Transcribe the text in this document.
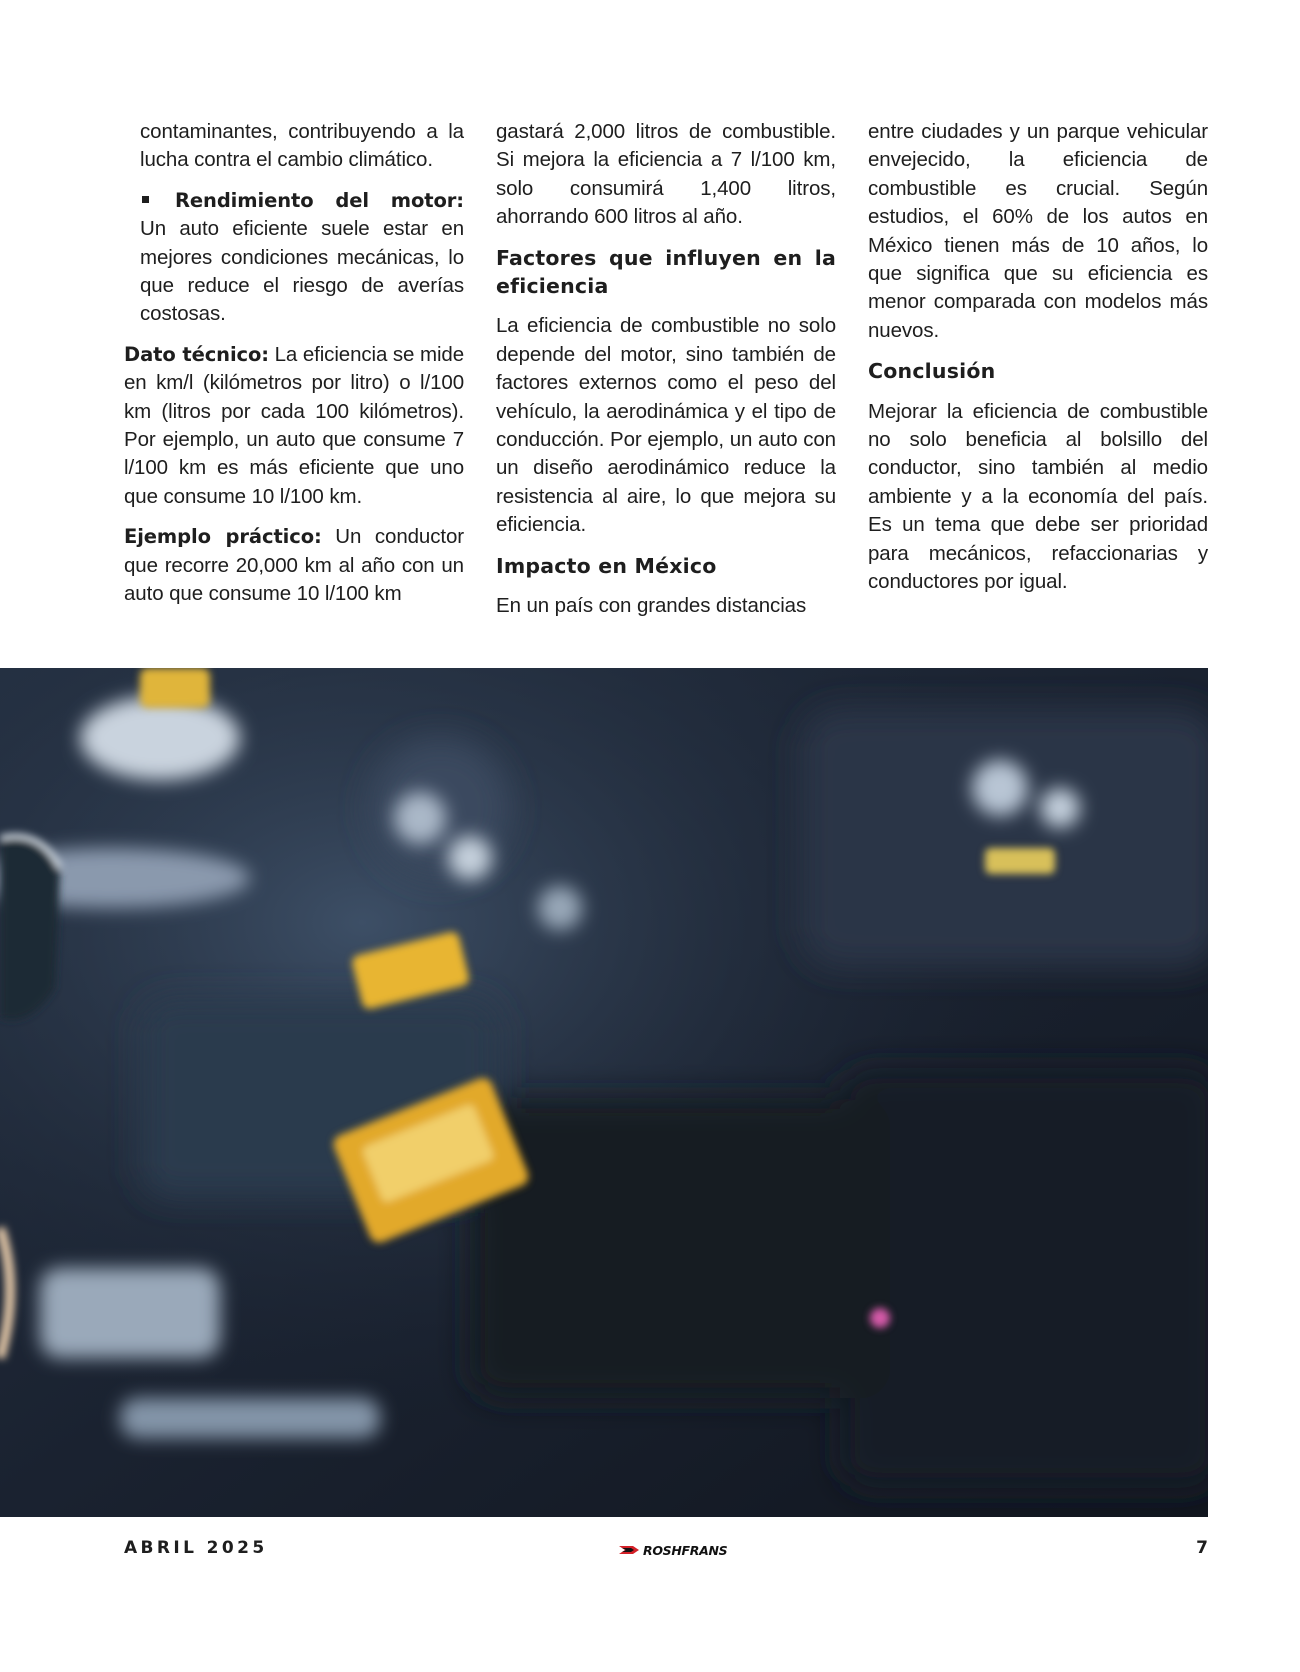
contaminantes, contribuyendo a la lucha contra el cambio climático.

Rendimiento del motor: Un auto eficiente suele estar en mejores condiciones mecánicas, lo que reduce el riesgo de averías costosas.

Dato técnico: La eficiencia se mide en km/l (kilómetros por litro) o l/100 km (litros por cada 100 kilómetros). Por ejemplo, un auto que consume 7 l/100 km es más eficiente que uno que consume 10 l/100 km.

Ejemplo práctico: Un conductor que recorre 20,000 km al año con un auto que consume 10 l/100 km

gastará 2,000 litros de combustible. Si mejora la eficiencia a 7 l/100 km, solo consumirá 1,400 litros, ahorrando 600 litros al año.

Factores que influyen en la eficiencia

La eficiencia de combustible no solo depende del motor, sino también de factores externos como el peso del vehículo, la aerodinámica y el tipo de conducción. Por ejemplo, un auto con un diseño aerodinámico reduce la resistencia al aire, lo que mejora su eficiencia.

Impacto en México

En un país con grandes distancias

entre ciudades y un parque vehicular envejecido, la eficiencia de combustible es crucial. Según estudios, el 60% de los autos en México tienen más de 10 años, lo que significa que su eficiencia es menor comparada con modelos más nuevos.

Conclusión

Mejorar la eficiencia de combustible no solo beneficia al bolsillo del conductor, sino también al medio ambiente y a la economía del país. Es un tema que debe ser prioridad para mecánicos, refaccionarias y conductores por igual.

ABRIL 2025	ROSHFRANS	7
